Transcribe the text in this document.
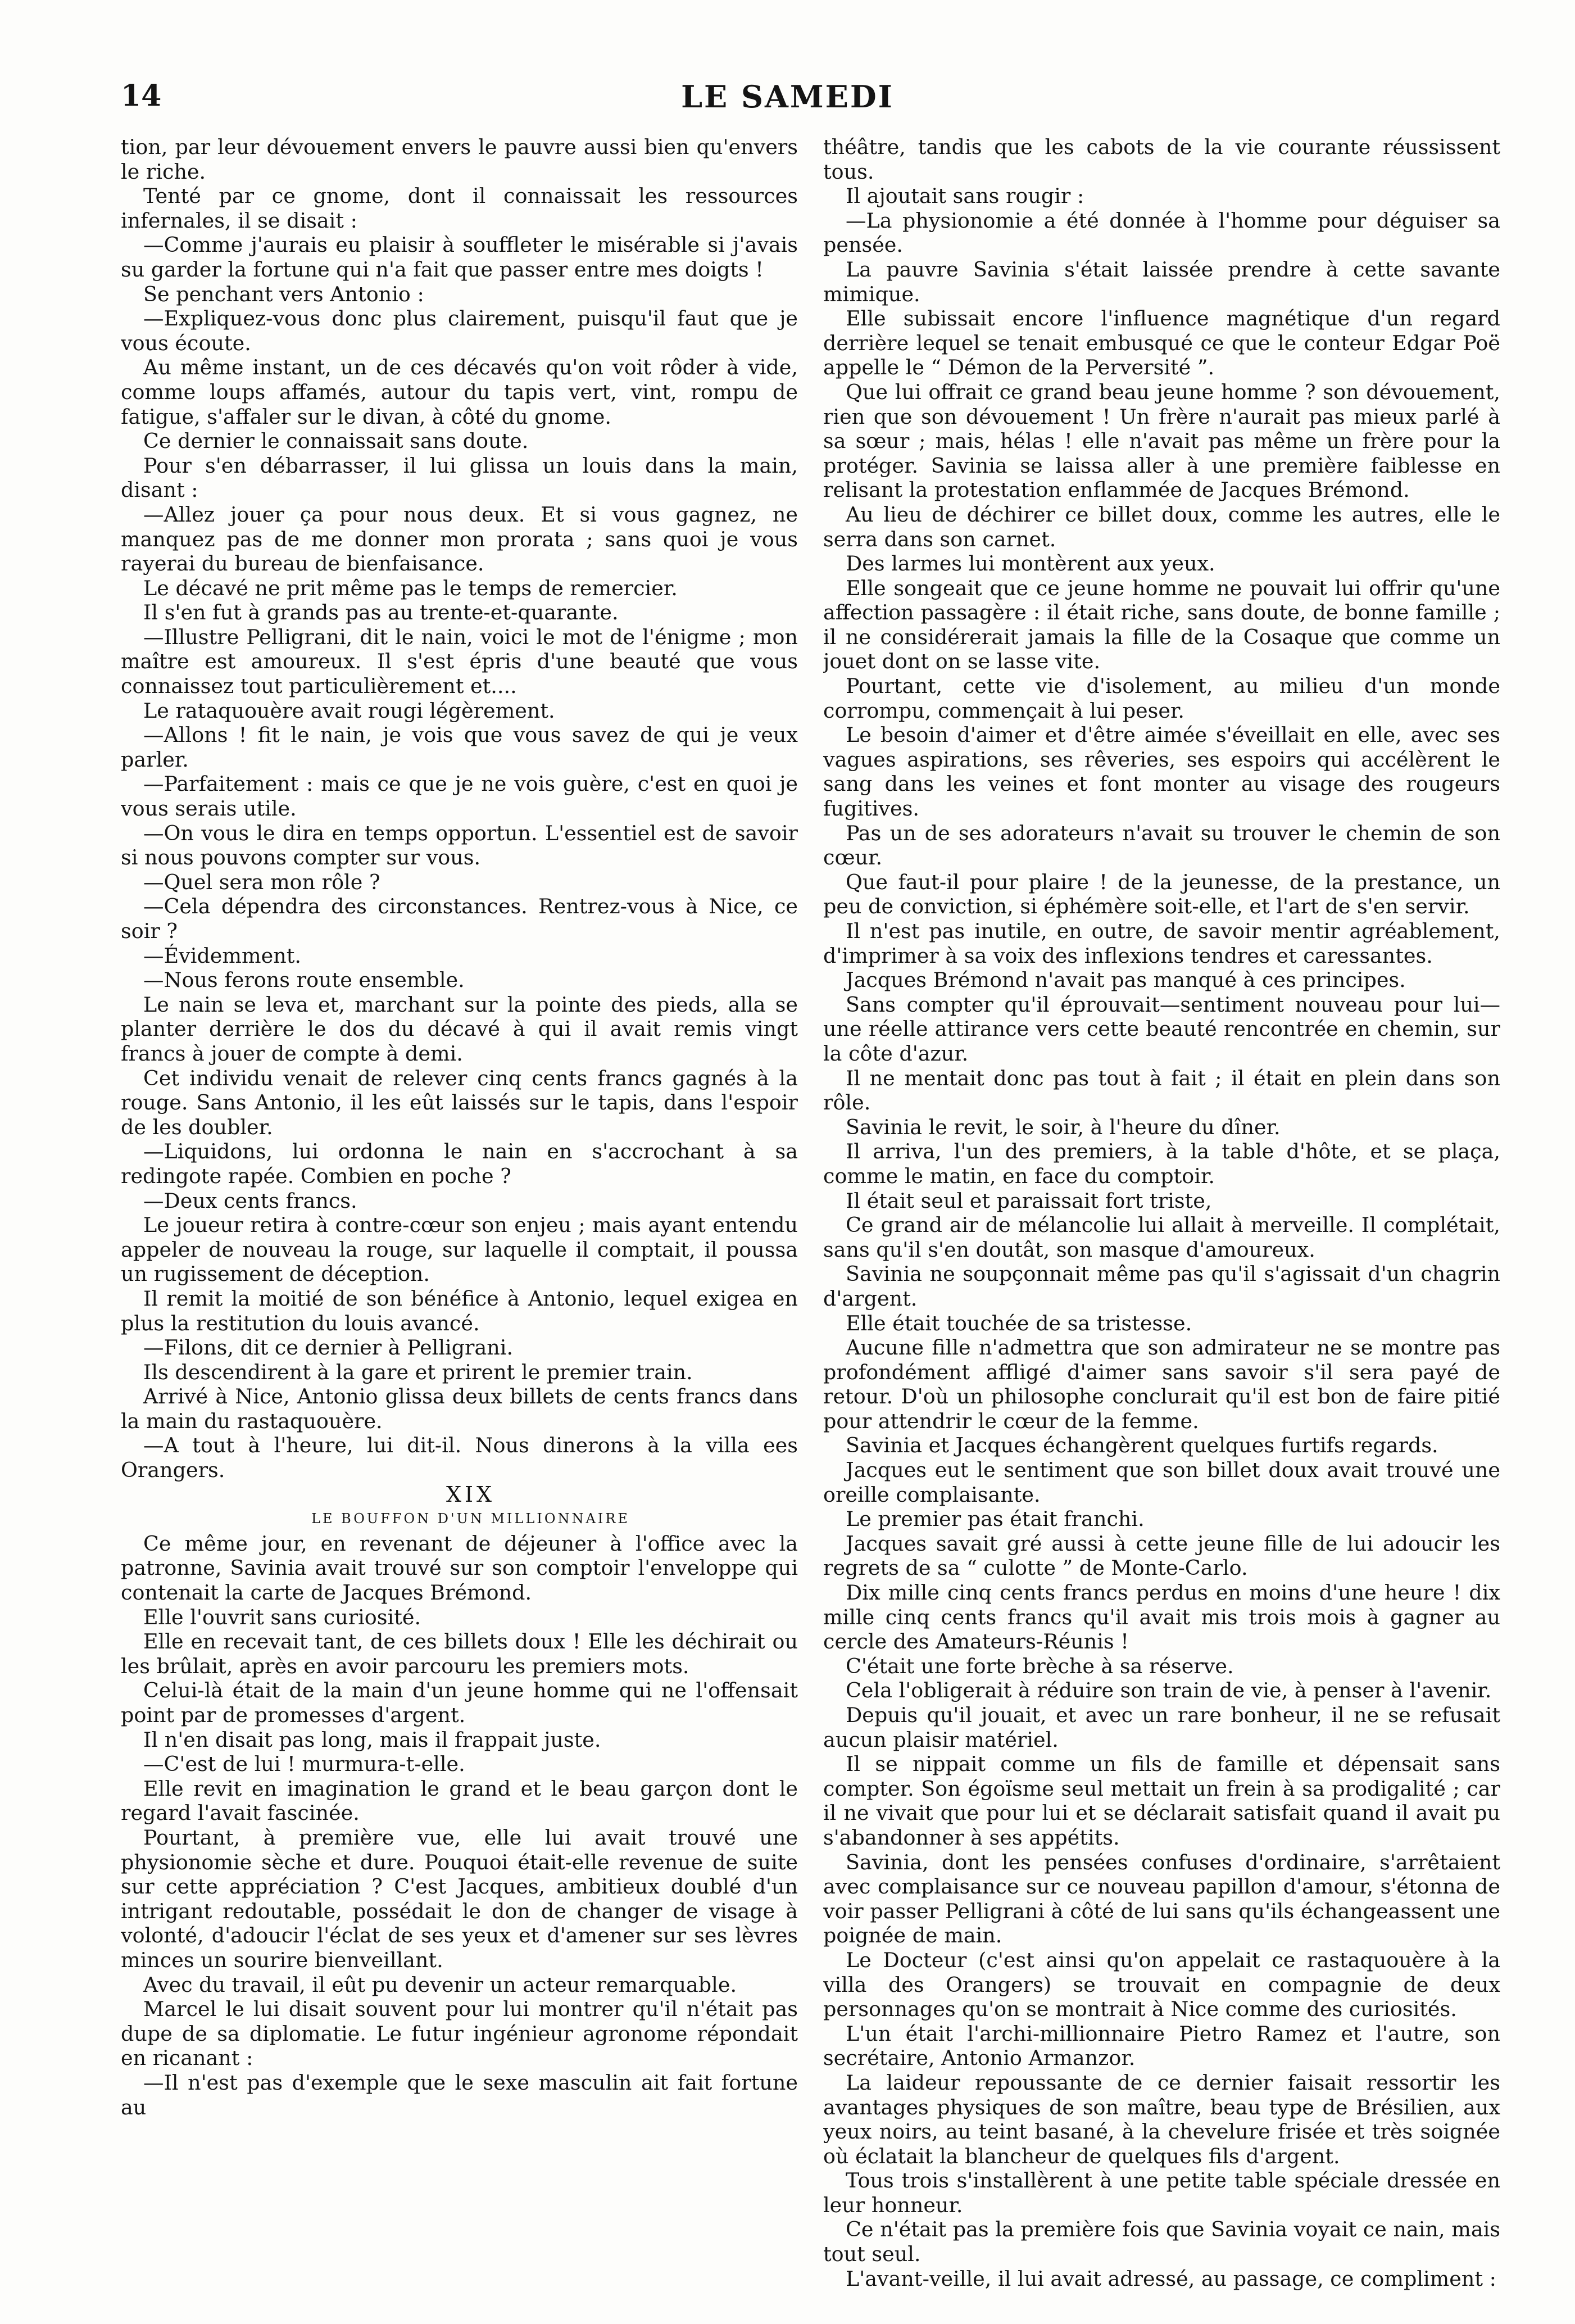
14	LE SAMEDI

tion, par leur dévouement envers le pauvre aussi bien qu'envers le riche.

Tenté par ce gnome, dont il connaissait les ressources infernales, il se disait :

—Comme j'aurais eu plaisir à souffleter le misérable si j'avais su garder la fortune qui n'a fait que passer entre mes doigts !

Se penchant vers Antonio :

—Expliquez-vous donc plus clairement, puisqu'il faut que je vous écoute.

Au même instant, un de ces décavés qu'on voit rôder à vide, comme loups affamés, autour du tapis vert, vint, rompu de fatigue, s'affaler sur le divan, à côté du gnome.

Ce dernier le connaissait sans doute.

Pour s'en débarrasser, il lui glissa un louis dans la main, disant :

—Allez jouer ça pour nous deux. Et si vous gagnez, ne manquez pas de me donner mon prorata ; sans quoi je vous rayerai du bureau de bienfaisance.

Le décavé ne prit même pas le temps de remercier.

Il s'en fut à grands pas au trente-et-quarante.

—Illustre Pelligrani, dit le nain, voici le mot de l'énigme ; mon maître est amoureux. Il s'est épris d'une beauté que vous connaissez tout particulièrement et....

Le rataquouère avait rougi légèrement.

—Allons ! fit le nain, je vois que vous savez de qui je veux parler.

—Parfaitement : mais ce que je ne vois guère, c'est en quoi je vous serais utile.

—On vous le dira en temps opportun. L'essentiel est de savoir si nous pouvons compter sur vous.

—Quel sera mon rôle ?

—Cela dépendra des circonstances. Rentrez-vous à Nice, ce soir ?

—Évidemment.

—Nous ferons route ensemble.

Le nain se leva et, marchant sur la pointe des pieds, alla se planter derrière le dos du décavé à qui il avait remis vingt francs à jouer de compte à demi.

Cet individu venait de relever cinq cents francs gagnés à la rouge. Sans Antonio, il les eût laissés sur le tapis, dans l'espoir de les doubler.

—Liquidons, lui ordonna le nain en s'accrochant à sa redingote rapée. Combien en poche ?

—Deux cents francs.

Le joueur retira à contre-cœur son enjeu ; mais ayant entendu appeler de nouveau la rouge, sur laquelle il comptait, il poussa un rugissement de déception.

Il remit la moitié de son bénéfice à Antonio, lequel exigea en plus la restitution du louis avancé.

—Filons, dit ce dernier à Pelligrani.

Ils descendirent à la gare et prirent le premier train.

Arrivé à Nice, Antonio glissa deux billets de cents francs dans la main du rastaquouère.

—A tout à l'heure, lui dit-il. Nous dinerons à la villa ees Orangers.

XIX

LE BOUFFON D'UN MILLIONNAIRE

Ce même jour, en revenant de déjeuner à l'office avec la patronne, Savinia avait trouvé sur son comptoir l'enveloppe qui contenait la carte de Jacques Brémond.

Elle l'ouvrit sans curiosité.

Elle en recevait tant, de ces billets doux ! Elle les déchirait ou les brûlait, après en avoir parcouru les premiers mots.

Celui-là était de la main d'un jeune homme qui ne l'offensait point par de promesses d'argent.

Il n'en disait pas long, mais il frappait juste.

—C'est de lui ! murmura-t-elle.

Elle revit en imagination le grand et le beau garçon dont le regard l'avait fascinée.

Pourtant, à première vue, elle lui avait trouvé une physionomie sèche et dure. Pouquoi était-elle revenue de suite sur cette appréciation ? C'est Jacques, ambitieux doublé d'un intrigant redoutable, possédait le don de changer de visage à volonté, d'adoucir l'éclat de ses yeux et d'amener sur ses lèvres minces un sourire bienveillant.

Avec du travail, il eût pu devenir un acteur remarquable.

Marcel le lui disait souvent pour lui montrer qu'il n'était pas dupe de sa diplomatie. Le futur ingénieur agronome répondait en ricanant :

—Il n'est pas d'exemple que le sexe masculin ait fait fortune au

théâtre, tandis que les cabots de la vie courante réussissent tous.

Il ajoutait sans rougir :

—La physionomie a été donnée à l'homme pour déguiser sa pensée.

La pauvre Savinia s'était laissée prendre à cette savante mimique.

Elle subissait encore l'influence magnétique d'un regard derrière lequel se tenait embusqué ce que le conteur Edgar Poë appelle le “ Démon de la Perversité ”.

Que lui offrait ce grand beau jeune homme ? son dévouement, rien que son dévouement ! Un frère n'aurait pas mieux parlé à sa sœur ; mais, hélas ! elle n'avait pas même un frère pour la protéger. Savinia se laissa aller à une première faiblesse en relisant la protestation enflammée de Jacques Brémond.

Au lieu de déchirer ce billet doux, comme les autres, elle le serra dans son carnet.

Des larmes lui montèrent aux yeux.

Elle songeait que ce jeune homme ne pouvait lui offrir qu'une affection passagère : il était riche, sans doute, de bonne famille ; il ne considérerait jamais la fille de la Cosaque que comme un jouet dont on se lasse vite.

Pourtant, cette vie d'isolement, au milieu d'un monde corrompu, commençait à lui peser.

Le besoin d'aimer et d'être aimée s'éveillait en elle, avec ses vagues aspirations, ses rêveries, ses espoirs qui accélèrent le sang dans les veines et font monter au visage des rougeurs fugitives.

Pas un de ses adorateurs n'avait su trouver le chemin de son cœur.

Que faut-il pour plaire ! de la jeunesse, de la prestance, un peu de conviction, si éphémère soit-elle, et l'art de s'en servir.

Il n'est pas inutile, en outre, de savoir mentir agréablement, d'imprimer à sa voix des inflexions tendres et caressantes.

Jacques Brémond n'avait pas manqué à ces principes.

Sans compter qu'il éprouvait—sentiment nouveau pour lui—une réelle attirance vers cette beauté rencontrée en chemin, sur la côte d'azur.

Il ne mentait donc pas tout à fait ; il était en plein dans son rôle.

Savinia le revit, le soir, à l'heure du dîner.

Il arriva, l'un des premiers, à la table d'hôte, et se plaça, comme le matin, en face du comptoir.

Il était seul et paraissait fort triste,

Ce grand air de mélancolie lui allait à merveille. Il complétait, sans qu'il s'en doutât, son masque d'amoureux.

Savinia ne soupçonnait même pas qu'il s'agissait d'un chagrin d'argent.

Elle était touchée de sa tristesse.

Aucune fille n'admettra que son admirateur ne se montre pas profondément affligé d'aimer sans savoir s'il sera payé de retour. D'où un philosophe conclurait qu'il est bon de faire pitié pour attendrir le cœur de la femme.

Savinia et Jacques échangèrent quelques furtifs regards.

Jacques eut le sentiment que son billet doux avait trouvé une oreille complaisante.

Le premier pas était franchi.

Jacques savait gré aussi à cette jeune fille de lui adoucir les regrets de sa “ culotte ” de Monte-Carlo.

Dix mille cinq cents francs perdus en moins d'une heure ! dix mille cinq cents francs qu'il avait mis trois mois à gagner au cercle des Amateurs-Réunis !

C'était une forte brèche à sa réserve.

Cela l'obligerait à réduire son train de vie, à penser à l'avenir.

Depuis qu'il jouait, et avec un rare bonheur, il ne se refusait aucun plaisir matériel.

Il se nippait comme un fils de famille et dépensait sans compter. Son égoïsme seul mettait un frein à sa prodigalité ; car il ne vivait que pour lui et se déclarait satisfait quand il avait pu s'abandonner à ses appétits.

Savinia, dont les pensées confuses d'ordinaire, s'arrêtaient avec complaisance sur ce nouveau papillon d'amour, s'étonna de voir passer Pelligrani à côté de lui sans qu'ils échangeassent une poignée de main.

Le Docteur (c'est ainsi qu'on appelait ce rastaquouère à la villa des Orangers) se trouvait en compagnie de deux personnages qu'on se montrait à Nice comme des curiosités.

L'un était l'archi-millionnaire Pietro Ramez et l'autre, son secrétaire, Antonio Armanzor.

La laideur repoussante de ce dernier faisait ressortir les avantages physiques de son maître, beau type de Brésilien, aux yeux noirs, au teint basané, à la chevelure frisée et très soignée où éclatait la blancheur de quelques fils d'argent.

Tous trois s'installèrent à une petite table spéciale dressée en leur honneur.

Ce n'était pas la première fois que Savinia voyait ce nain, mais tout seul.

L'avant-veille, il lui avait adressé, au passage, ce compliment :
